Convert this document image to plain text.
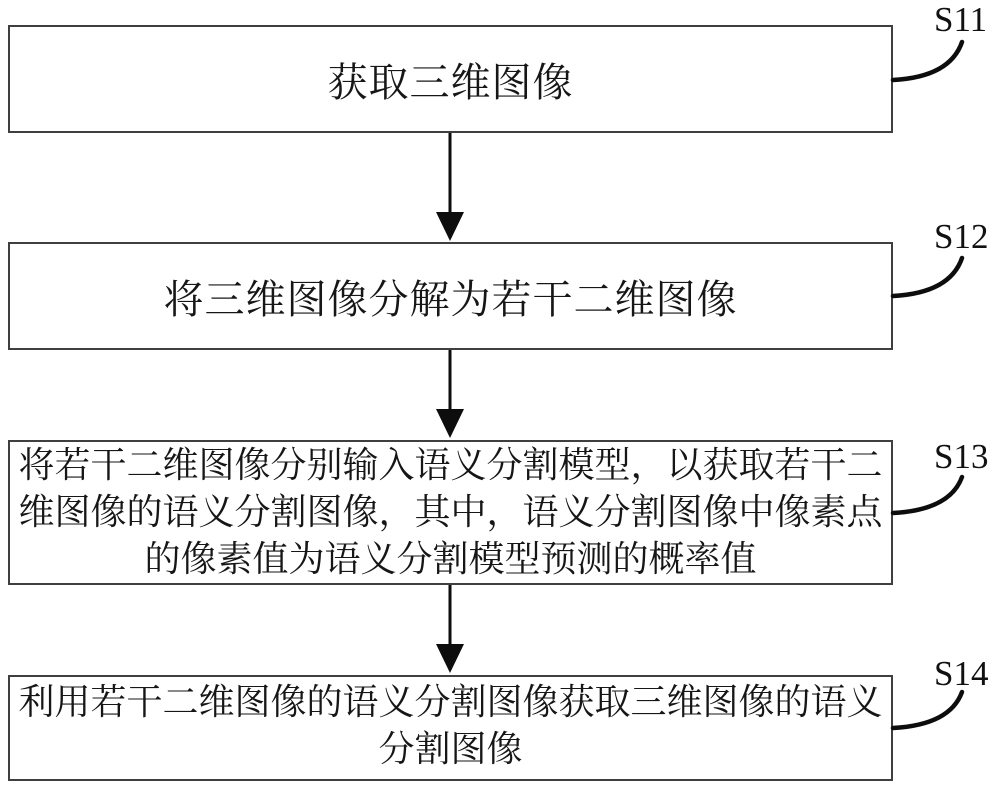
获取三维图像
将三维图像分解为若干二维图像
将若干二维图像分别输入语义分割模型，以获取若干二
维图像的语义分割图像，其中，语义分割图像中像素点
的像素值为语义分割模型预测的概率值
利用若干二维图像的语义分割图像获取三维图像的语义
分割图像
S11
S12
S13
S14
